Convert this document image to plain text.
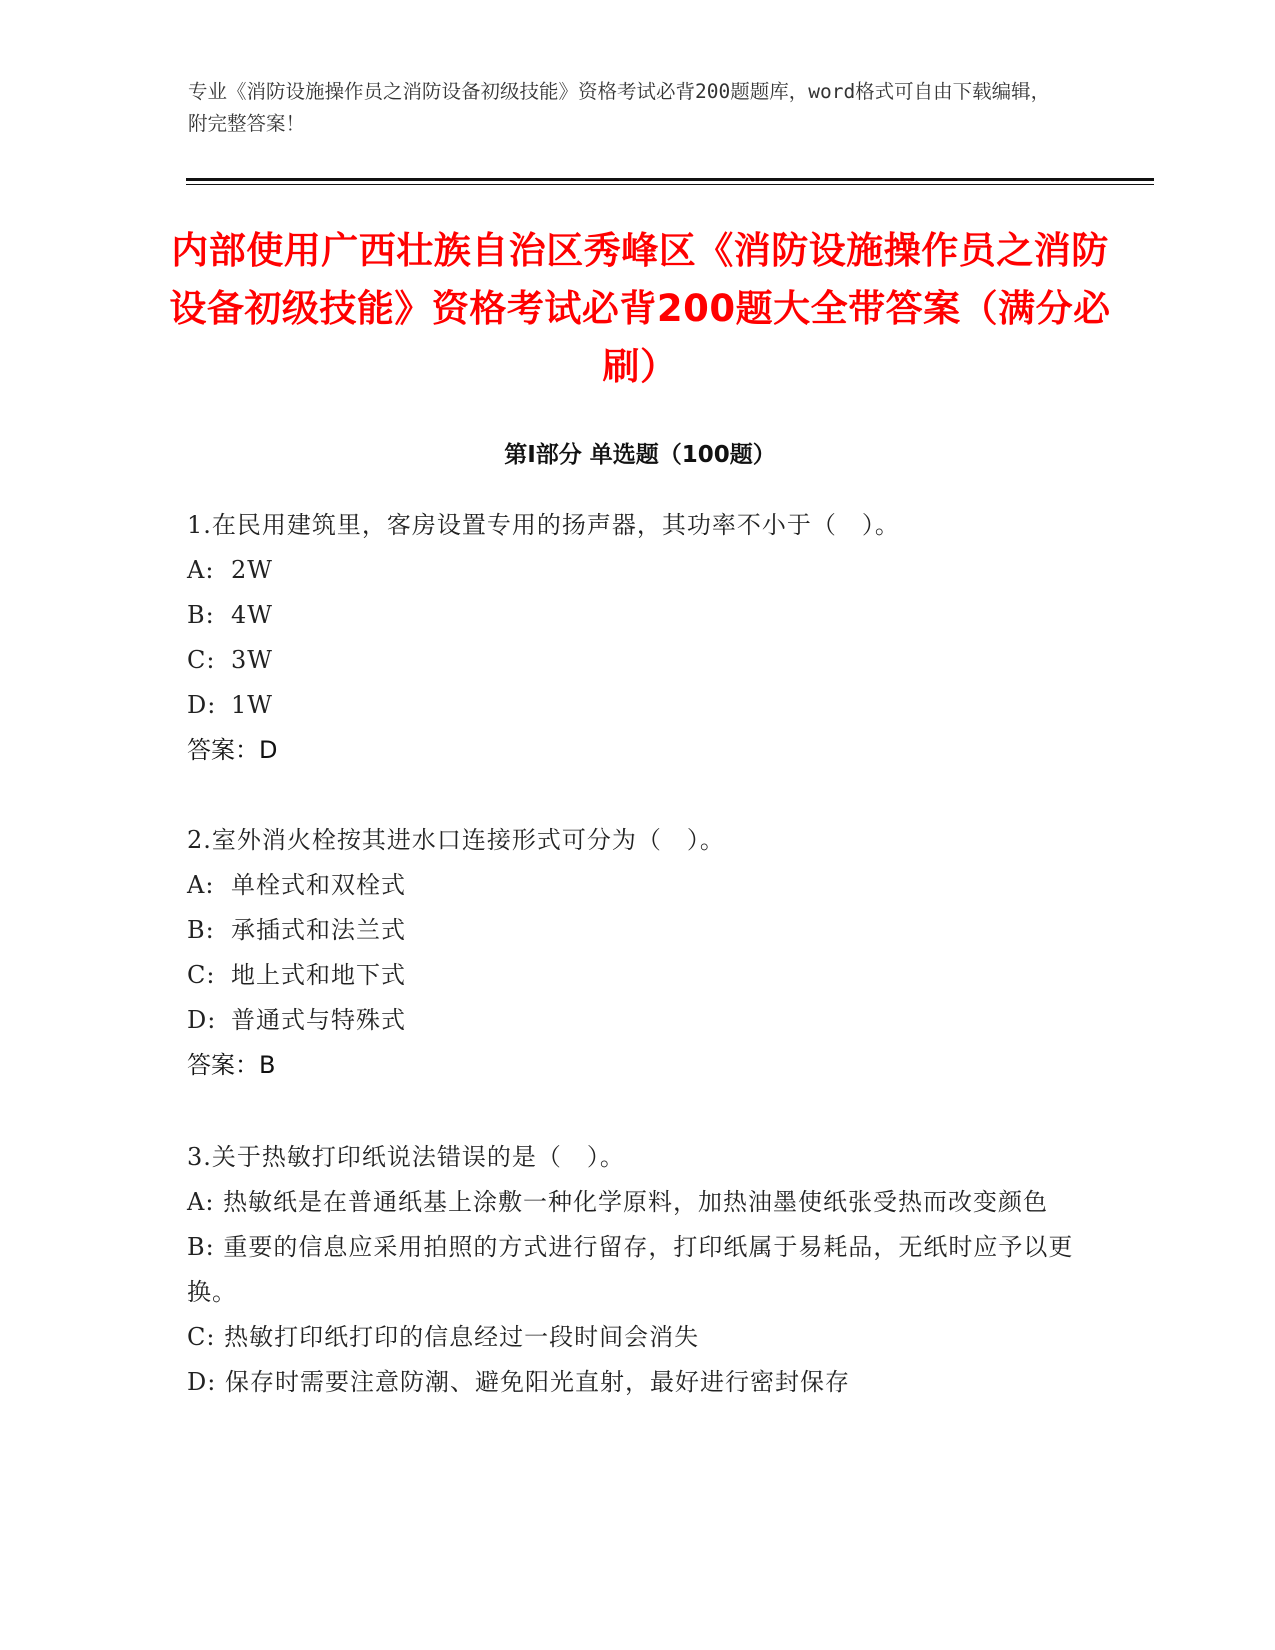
专业《消防设施操作员之消防设备初级技能》资格考试必背200题题库，word格式可自由下载编辑，附完整答案！
内部使用广西壮族自治区秀峰区《消防设施操作员之消防设备初级技能》资格考试必背200题大全带答案（满分必刷）
第Ⅰ部分 单选题（100题）
1.在民用建筑里，客房设置专用的扬声器，其功率不小于（　）。
A: 2W
B: 4W
C: 3W
D: 1W
答案：D
2.室外消火栓按其进水口连接形式可分为（　）。
A: 单栓式和双栓式
B: 承插式和法兰式
C: 地上式和地下式
D: 普通式与特殊式
答案：B
3.关于热敏打印纸说法错误的是（　）。
A: 热敏纸是在普通纸基上涂敷一种化学原料，加热油墨使纸张受热而改变颜色
B: 重要的信息应采用拍照的方式进行留存，打印纸属于易耗品，无纸时应予以更换。
C: 热敏打印纸打印的信息经过一段时间会消失
D: 保存时需要注意防潮、避免阳光直射，最好进行密封保存
